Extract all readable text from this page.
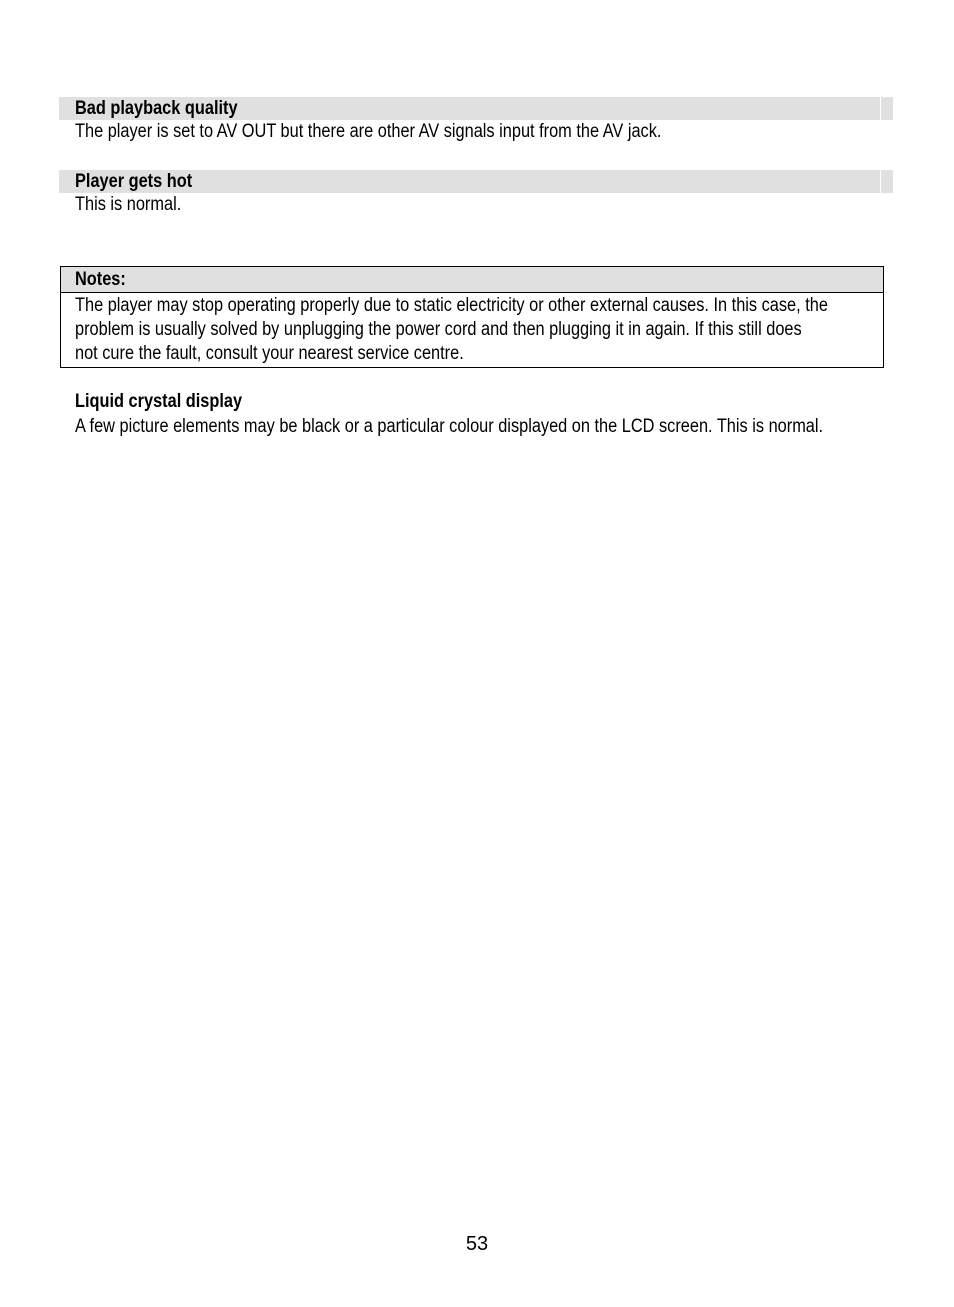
Bad playback quality
The player is set to AV OUT but there are other AV signals input from the AV jack.
Player gets hot
This is normal.
Notes:
The player may stop operating properly due to static electricity or other external causes. In this case, the
problem is usually solved by unplugging the power cord and then plugging it in again. If this still does
not cure the fault, consult your nearest service centre.
Liquid crystal display
A few picture elements may be black or a particular colour displayed on the LCD screen. This is normal.
53
